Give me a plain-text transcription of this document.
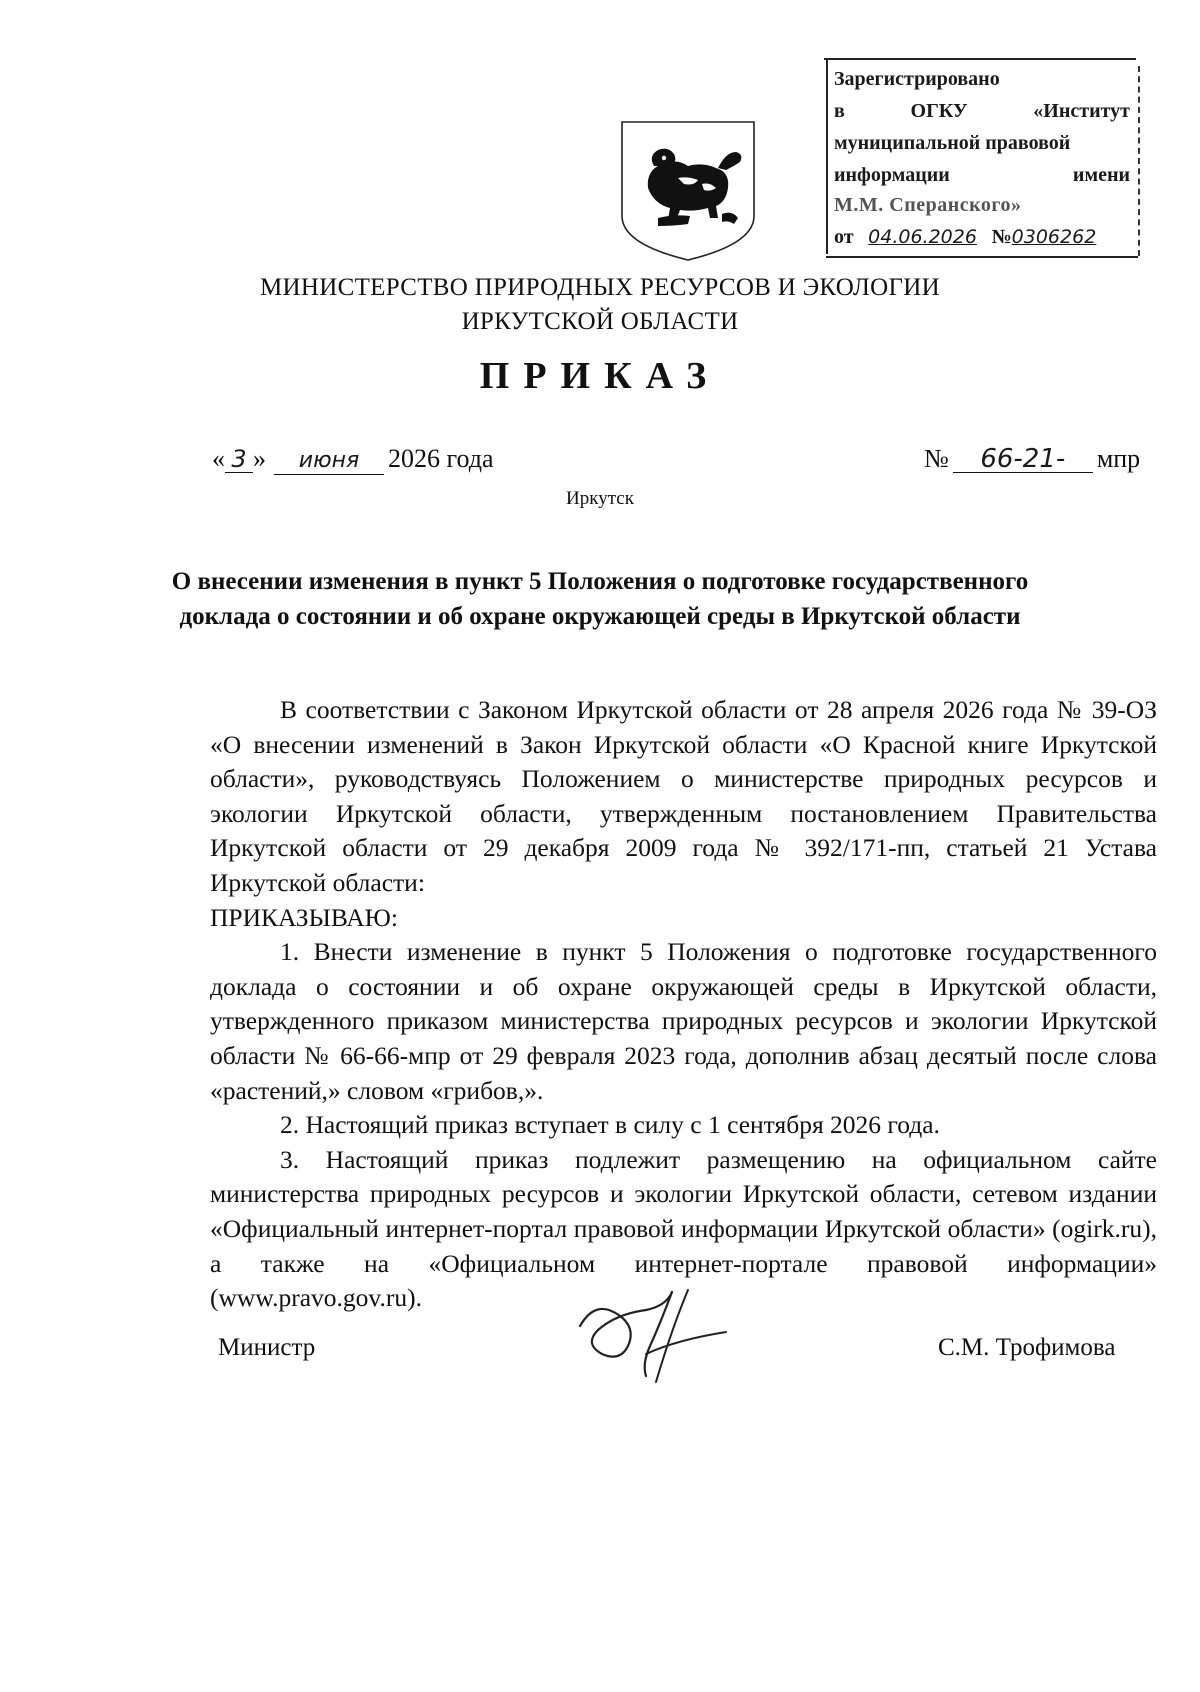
Зарегистрировано
в	ОГКУ	«Институт
муниципальной правовой
информации	имени
М.М. Сперанского»
от 04.06.2026 №0306262
МИНИСТЕРСТВО ПРИРОДНЫХ РЕСУРСОВ И ЭКОЛОГИИ
ИРКУТСКОЙ ОБЛАСТИ
ПРИКАЗ
« 3 » июня 2026 года	№ 66-21- мпр
Иркутск
О внесении изменения в пункт 5 Положения о подготовке государственного доклада о состоянии и об охране окружающей среды в Иркутской области

В соответствии с Законом Иркутской области от 28 апреля 2026 года № 39-ОЗ «О внесении изменений в Закон Иркутской области «О Красной книге Иркутской области», руководствуясь Положением о министерстве природных ресурсов и экологии Иркутской области, утвержденным постановлением Правительства Иркутской области от 29 декабря 2009 года № 392/171-пп, статьей 21 Устава Иркутской области:

ПРИКАЗЫВАЮ:

1. Внести изменение в пункт 5 Положения о подготовке государственного доклада о состоянии и об охране окружающей среды в Иркутской области, утвержденного приказом министерства природных ресурсов и экологии Иркутской области № 66-66-мпр от 29 февраля 2023 года, дополнив абзац десятый после слова «растений,» словом «грибов,».

2. Настоящий приказ вступает в силу с 1 сентября 2026 года.

3. Настоящий приказ подлежит размещению на официальном сайте министерства природных ресурсов и экологии Иркутской области, сетевом издании «Официальный интернет-портал правовой информации Иркутской области» (ogirk.ru), а также на «Официальном интернет-портале правовой информации» (www.pravo.gov.ru).

Министр	С.М. Трофимова
